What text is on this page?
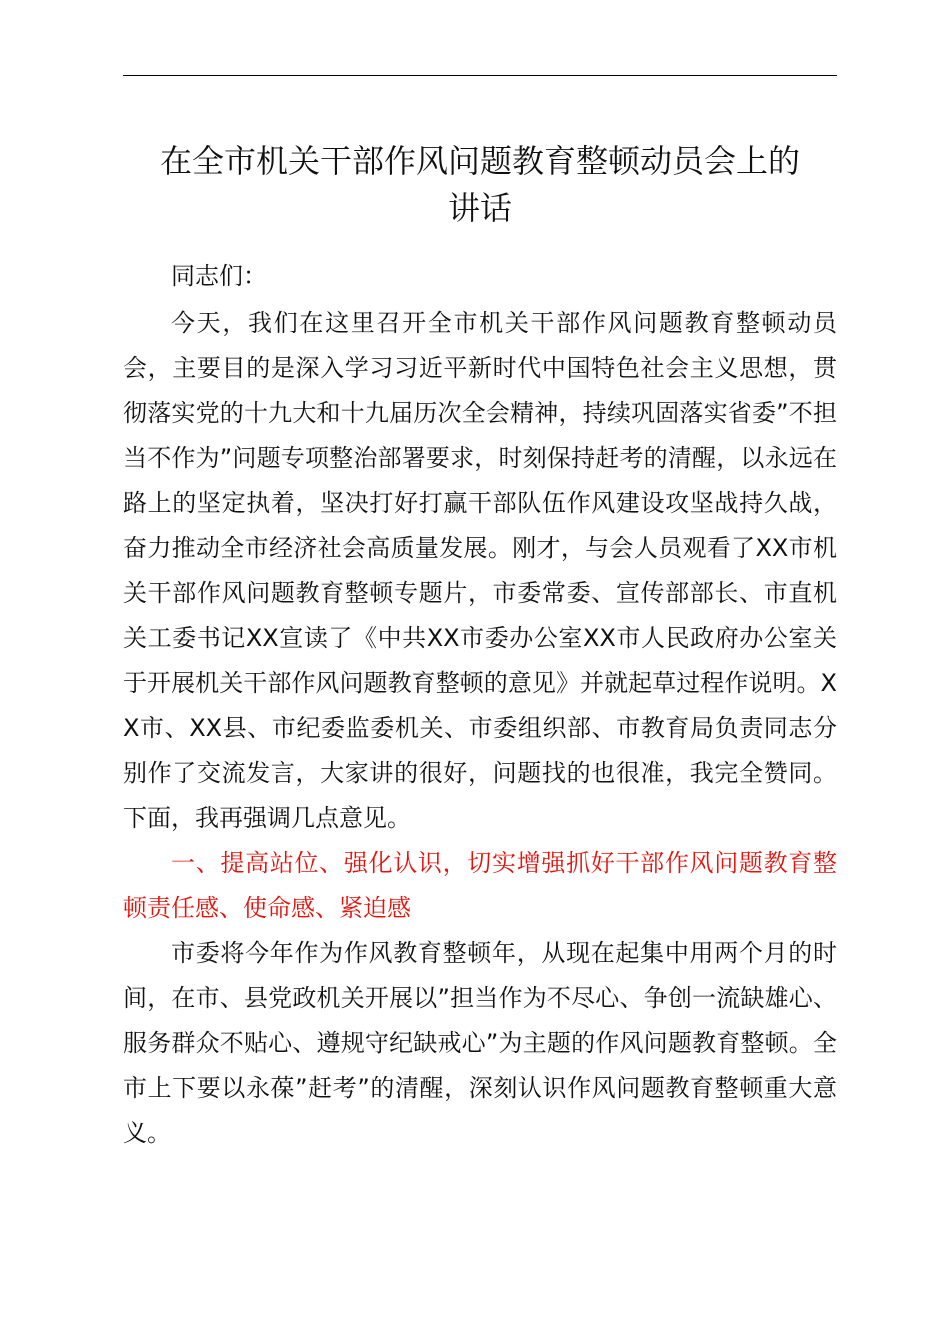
在全市机关干部作风问题教育整顿动员会上的
讲话

同志们：

今天，我们在这里召开全市机关干部作风问题教育整顿动员会，主要目的是深入学习习近平新时代中国特色社会主义思想，贯彻落实党的十九大和十九届历次全会精神，持续巩固落实省委”不担当不作为”问题专项整治部署要求，时刻保持赶考的清醒，以永远在路上的坚定执着，坚决打好打赢干部队伍作风建设攻坚战持久战，奋力推动全市经济社会高质量发展。刚才，与会人员观看了XX市机关干部作风问题教育整顿专题片，市委常委、宣传部部长、市直机关工委书记XX宣读了《中共XX市委办公室XX市人民政府办公室关于开展机关干部作风问题教育整顿的意见》并就起草过程作说明。XX市、XX县、市纪委监委机关、市委组织部、市教育局负责同志分别作了交流发言，大家讲的很好，问题找的也很准，我完全赞同。下面，我再强调几点意见。

一、提高站位、强化认识，切实增强抓好干部作风问题教育整顿责任感、使命感、紧迫感

市委将今年作为作风教育整顿年，从现在起集中用两个月的时间，在市、县党政机关开展以”担当作为不尽心、争创一流缺雄心、服务群众不贴心、遵规守纪缺戒心”为主题的作风问题教育整顿。全市上下要以永葆”赶考”的清醒，深刻认识作风问题教育整顿重大意义。
